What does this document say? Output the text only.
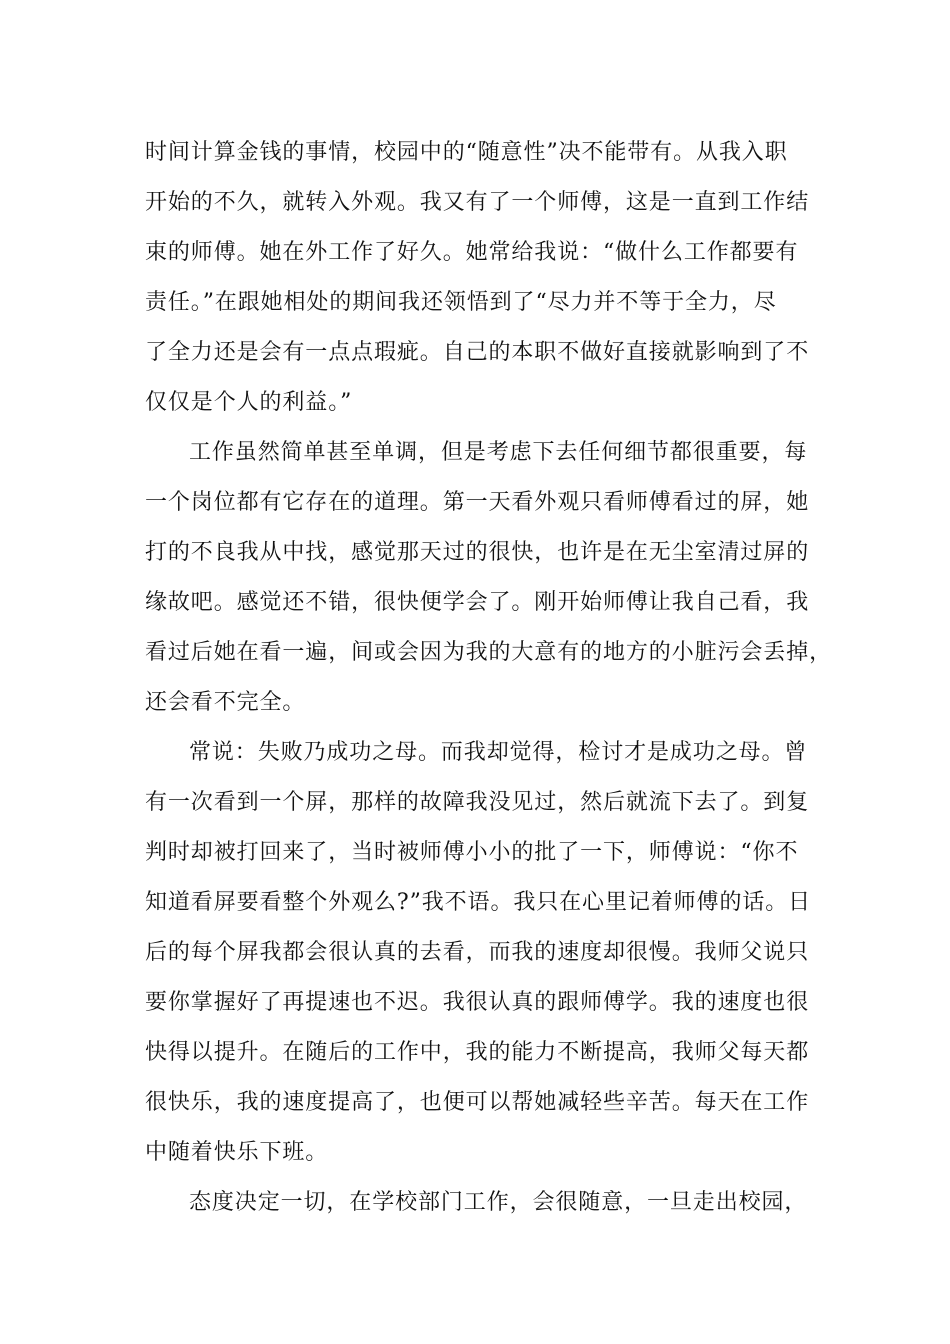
时间计算金钱的事情，校园中的“随意性”决不能带有。从我入职
开始的不久，就转入外观。我又有了一个师傅，这是一直到工作结
束的师傅。她在外工作了好久。她常给我说：“做什么工作都要有
责任。”在跟她相处的期间我还领悟到了“尽力并不等于全力，尽
了全力还是会有一点点瑕疵。自己的本职不做好直接就影响到了不
仅仅是个人的利益。”
工作虽然简单甚至单调，但是考虑下去任何细节都很重要，每
一个岗位都有它存在的道理。第一天看外观只看师傅看过的屏，她
打的不良我从中找，感觉那天过的很快，也许是在无尘室清过屏的
缘故吧。感觉还不错，很快便学会了。刚开始师傅让我自己看，我
看过后她在看一遍，间或会因为我的大意有的地方的小脏污会丢掉，
还会看不完全。
常说：失败乃成功之母。而我却觉得，检讨才是成功之母。曾
有一次看到一个屏，那样的故障我没见过，然后就流下去了。到复
判时却被打回来了，当时被师傅小小的批了一下，师傅说：“你不
知道看屏要看整个外观么?”我不语。我只在心里记着师傅的话。日
后的每个屏我都会很认真的去看，而我的速度却很慢。我师父说只
要你掌握好了再提速也不迟。我很认真的跟师傅学。我的速度也很
快得以提升。在随后的工作中，我的能力不断提高，我师父每天都
很快乐，我的速度提高了，也便可以帮她减轻些辛苦。每天在工作
中随着快乐下班。
态度决定一切，在学校部门工作，会很随意，一旦走出校园，
